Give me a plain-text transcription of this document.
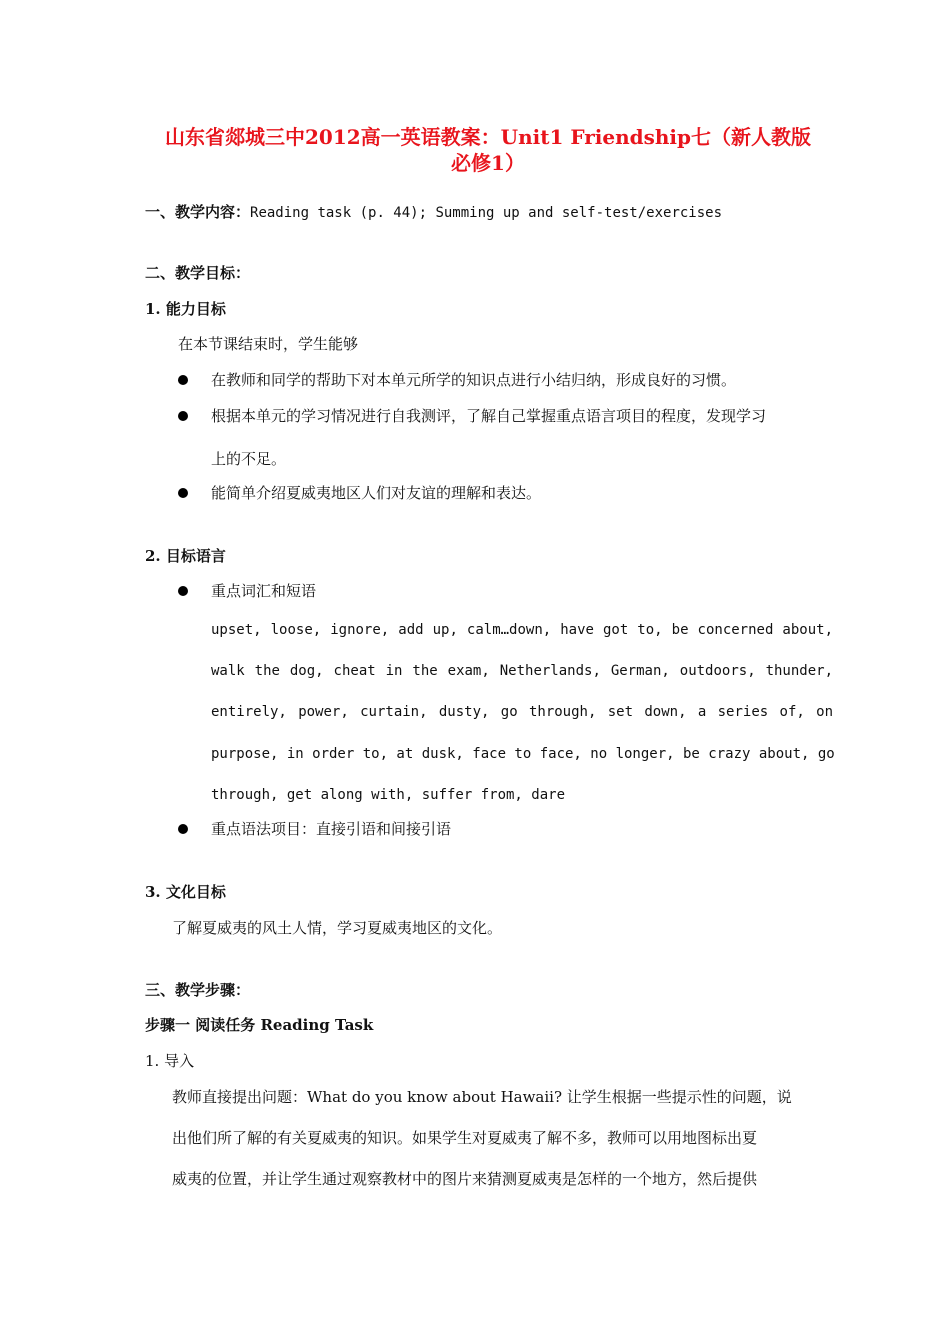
山东省郯城三中2012高一英语教案：Unit1 Friendship七（新人教版
必修1）
一、教学内容：Reading task (p. 44); Summing up and self-test/exercises
二、教学目标：
1. 能力目标
在本节课结束时，学生能够
在教师和同学的帮助下对本单元所学的知识点进行小结归纳，形成良好的习惯。
根据本单元的学习情况进行自我测评，了解自己掌握重点语言项目的程度，发现学习
上的不足。
能简单介绍夏威夷地区人们对友谊的理解和表达。
2. 目标语言
重点词汇和短语
upset, loose, ignore, add up, calm…down, have got to, be concerned about,
walk the dog, cheat in the exam, Netherlands, German, outdoors, thunder,
entirely, power, curtain, dusty, go through, set down, a series of, on
purpose, in order to, at dusk, face to face, no longer, be crazy about, go
through, get along with, suffer from, dare
重点语法项目：直接引语和间接引语
3. 文化目标
了解夏威夷的风土人情，学习夏威夷地区的文化。
三、教学步骤：
步骤一 阅读任务 Reading Task
1. 导入
教师直接提出问题：What do you know about Hawaii? 让学生根据一些提示性的问题，说
出他们所了解的有关夏威夷的知识。如果学生对夏威夷了解不多，教师可以用地图标出夏
威夷的位置，并让学生通过观察教材中的图片来猜测夏威夷是怎样的一个地方，然后提供
